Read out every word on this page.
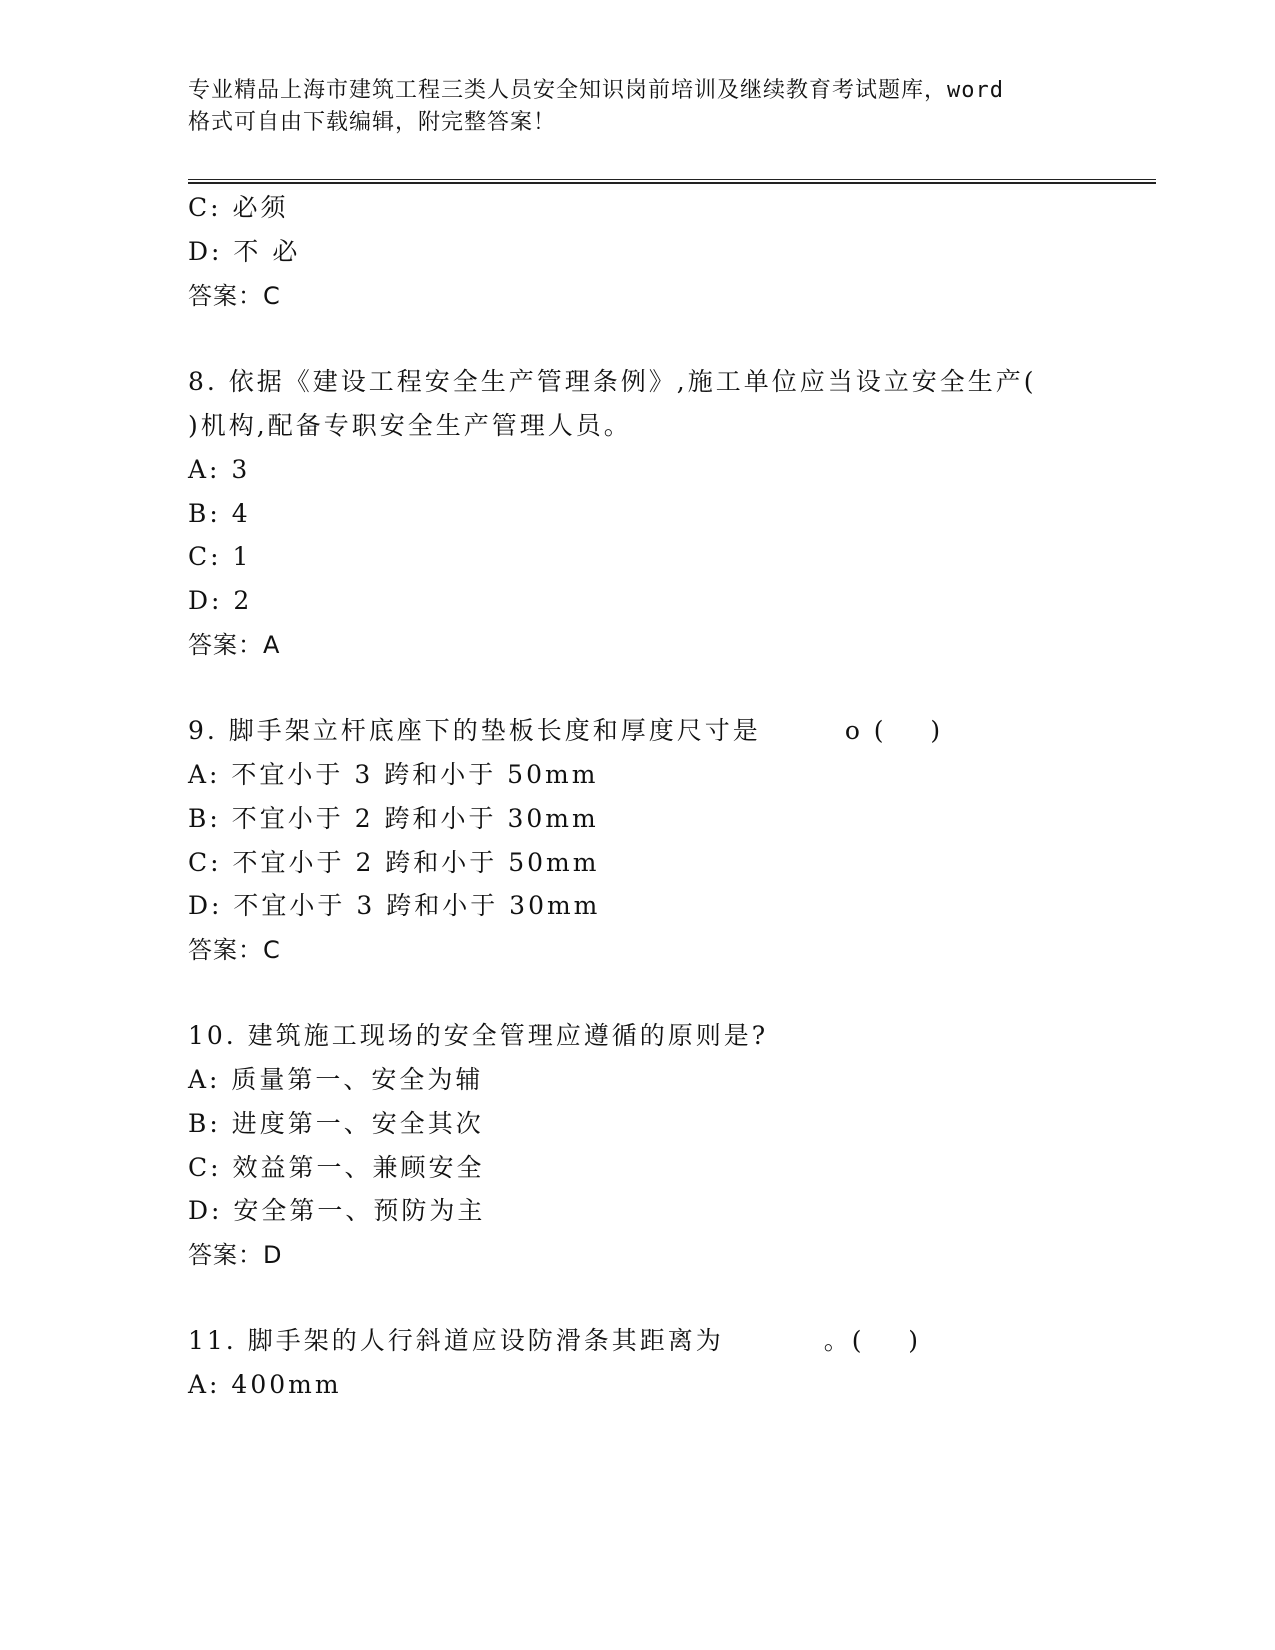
专业精品上海市建筑工程三类人员安全知识岗前培训及继续教育考试题库，word
格式可自由下载编辑，附完整答案！
C: 必须
D: 不 必
答案：C
8. 依据《建设工程安全生产管理条例》,施工单位应当设立安全生产(
)机构,配备专职安全生产管理人员。
A: 3
B: 4
C: 1
D: 2
答案：A
9. 脚手架立杆底座下的垫板长度和厚度尺寸是	o (    )
A: 不宜小于 3 跨和小于 50mm
B: 不宜小于 2 跨和小于 30mm
C: 不宜小于 2 跨和小于 50mm
D: 不宜小于 3 跨和小于 30mm
答案：C
10. 建筑施工现场的安全管理应遵循的原则是?
A: 质量第一、安全为辅
B: 进度第一、安全其次
C: 效益第一、兼顾安全
D: 安全第一、预防为主
答案：D
11. 脚手架的人行斜道应设防滑条其距离为	。(    )
A: 400mm
